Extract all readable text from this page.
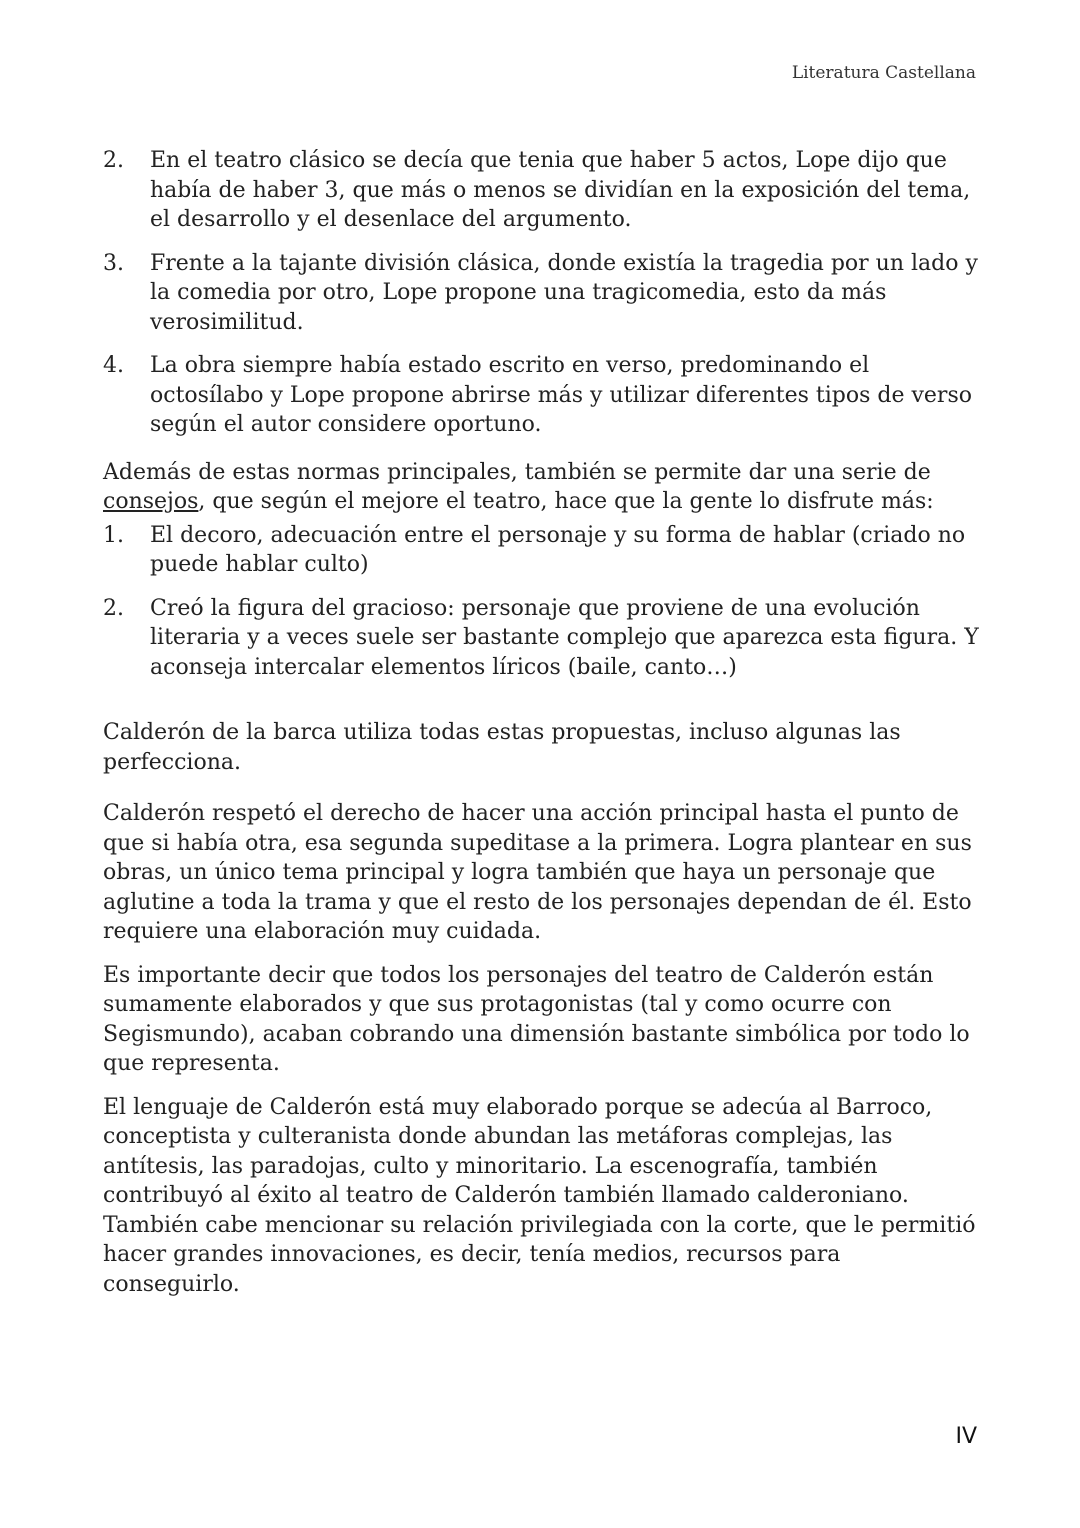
Literatura Castellana
2. En el teatro clásico se decía que tenia que haber 5 actos, Lope dijo que había de haber 3, que más o menos se dividían en la exposición del tema, el desarrollo y el desenlace del argumento.
3. Frente a la tajante división clásica, donde existía la tragedia por un lado y la comedia por otro, Lope propone una tragicomedia, esto da más verosimilitud.
4. La obra siempre había estado escrito en verso, predominando el octosílabo y Lope propone abrirse más y utilizar diferentes tipos de verso según el autor considere oportuno.

Además de estas normas principales, también se permite dar una serie de consejos, que según el mejore el teatro, hace que la gente lo disfrute más:

1. El decoro, adecuación entre el personaje y su forma de hablar (criado no puede hablar culto)
2. Creó la figura del gracioso: personaje que proviene de una evolución literaria y a veces suele ser bastante complejo que aparezca esta figura. Y aconseja intercalar elementos líricos (baile, canto…)

Calderón de la barca utiliza todas estas propuestas, incluso algunas las perfecciona.

Calderón respetó el derecho de hacer una acción principal hasta el punto de que si había otra, esa segunda supeditase a la primera. Logra plantear en sus obras, un único tema principal y logra también que haya un personaje que aglutine a toda la trama y que el resto de los personajes dependan de él. Esto requiere una elaboración muy cuidada.

Es importante decir que todos los personajes del teatro de Calderón están sumamente elaborados y que sus protagonistas (tal y como ocurre con Segismundo), acaban cobrando una dimensión bastante simbólica por todo lo que representa.

El lenguaje de Calderón está muy elaborado porque se adecúa al Barroco, conceptista y culteranista donde abundan las metáforas complejas, las antítesis, las paradojas, culto y minoritario. La escenografía, también contribuyó al éxito al teatro de Calderón también llamado calderoniano. También cabe mencionar su relación privilegiada con la corte, que le permitió hacer grandes innovaciones, es decir, tenía medios, recursos para conseguirlo.

IV
